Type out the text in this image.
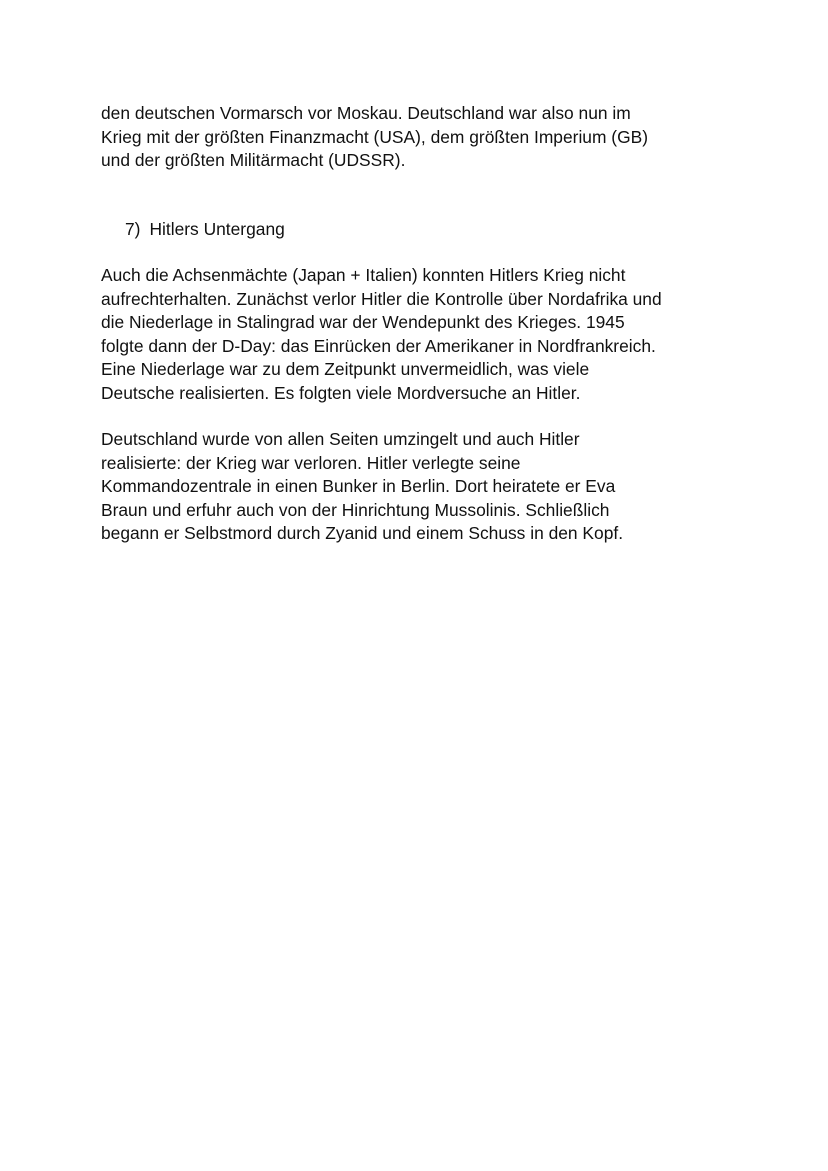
den deutschen Vormarsch vor Moskau. Deutschland war also nun im
Krieg mit der größten Finanzmacht (USA), dem größten Imperium (GB)
und der größten Militärmacht (UDSSR).

7) Hitlers Untergang

Auch die Achsenmächte (Japan + Italien) konnten Hitlers Krieg nicht
aufrechterhalten. Zunächst verlor Hitler die Kontrolle über Nordafrika und
die Niederlage in Stalingrad war der Wendepunkt des Krieges. 1945
folgte dann der D-Day: das Einrücken der Amerikaner in Nordfrankreich.
Eine Niederlage war zu dem Zeitpunkt unvermeidlich, was viele
Deutsche realisierten. Es folgten viele Mordversuche an Hitler.

Deutschland wurde von allen Seiten umzingelt und auch Hitler
realisierte: der Krieg war verloren. Hitler verlegte seine
Kommandozentrale in einen Bunker in Berlin. Dort heiratete er Eva
Braun und erfuhr auch von der Hinrichtung Mussolinis. Schließlich
begann er Selbstmord durch Zyanid und einem Schuss in den Kopf.
